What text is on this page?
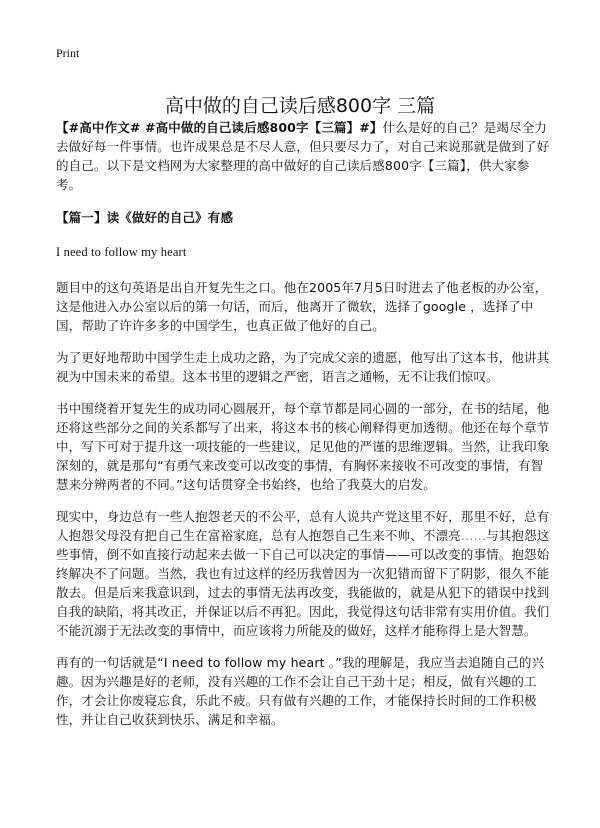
Print
高中做的自己读后感800字 三篇

【#高中作文# #高中做的自己读后感800字【三篇】#】什么是好的自己？是竭尽全力去做好每一件事情。也许成果总是不尽人意，但只要尽力了，对自己来说那就是做到了好的自己。以下是文档网为大家整理的高中做好的自己读后感800字【三篇】，供大家参考。

【篇一】读《做好的自己》有感

I need to follow my heart

题目中的这句英语是出自开复先生之口。他在2005年7月5日时进去了他老板的办公室，这是他进入办公室以后的第一句话，而后，他离开了微软，选择了google ，选择了中国，帮助了许许多多的中国学生，也真正做了他好的自己。

为了更好地帮助中国学生走上成功之路，为了完成父亲的遗愿，他写出了这本书，他讲其视为中国未来的希望。这本书里的逻辑之严密，语言之通畅，无不让我们惊叹。

书中围绕着开复先生的成功同心圆展开，每个章节都是同心圆的一部分，在书的结尾，他还将这些部分之间的关系都写了出来，将这本书的核心阐释得更加透彻。他还在每个章节中，写下可对于提升这一项技能的一些建议，足见他的严谨的思维逻辑。当然，让我印象深刻的，就是那句“有勇气来改变可以改变的事情，有胸怀来接收不可改变的事情，有智慧来分辨两者的不同。”这句话贯穿全书始终，也给了我莫大的启发。

现实中，身边总有一些人抱怨老天的不公平，总有人说共产党这里不好，那里不好，总有人抱怨父母没有把自己生在富裕家庭，总有人抱怨自己生来不帅、不漂亮……与其抱怨这些事情，倒不如直接行动起来去做一下自己可以决定的事情——可以改变的事情。抱怨始终解决不了问题。当然，我也有过这样的经历我曾因为一次犯错而留下了阴影，很久不能散去。但是后来我意识到，过去的事情无法再改变，我能做的，就是从犯下的错误中找到自我的缺陷，将其改正，并保证以后不再犯。因此，我觉得这句话非常有实用价值。我们不能沉溺于无法改变的事情中，而应该将力所能及的做好，这样才能称得上是大智慧。

再有的一句话就是“I need to follow my heart 。”我的理解是，我应当去追随自己的兴趣。因为兴趣是好的老师，没有兴趣的工作不会让自己干劲十足；相反，做有兴趣的工作，才会让你废寝忘食，乐此不疲。只有做有兴趣的工作，才能保持长时间的工作积极性，并让自己收获到快乐、满足和幸福。
